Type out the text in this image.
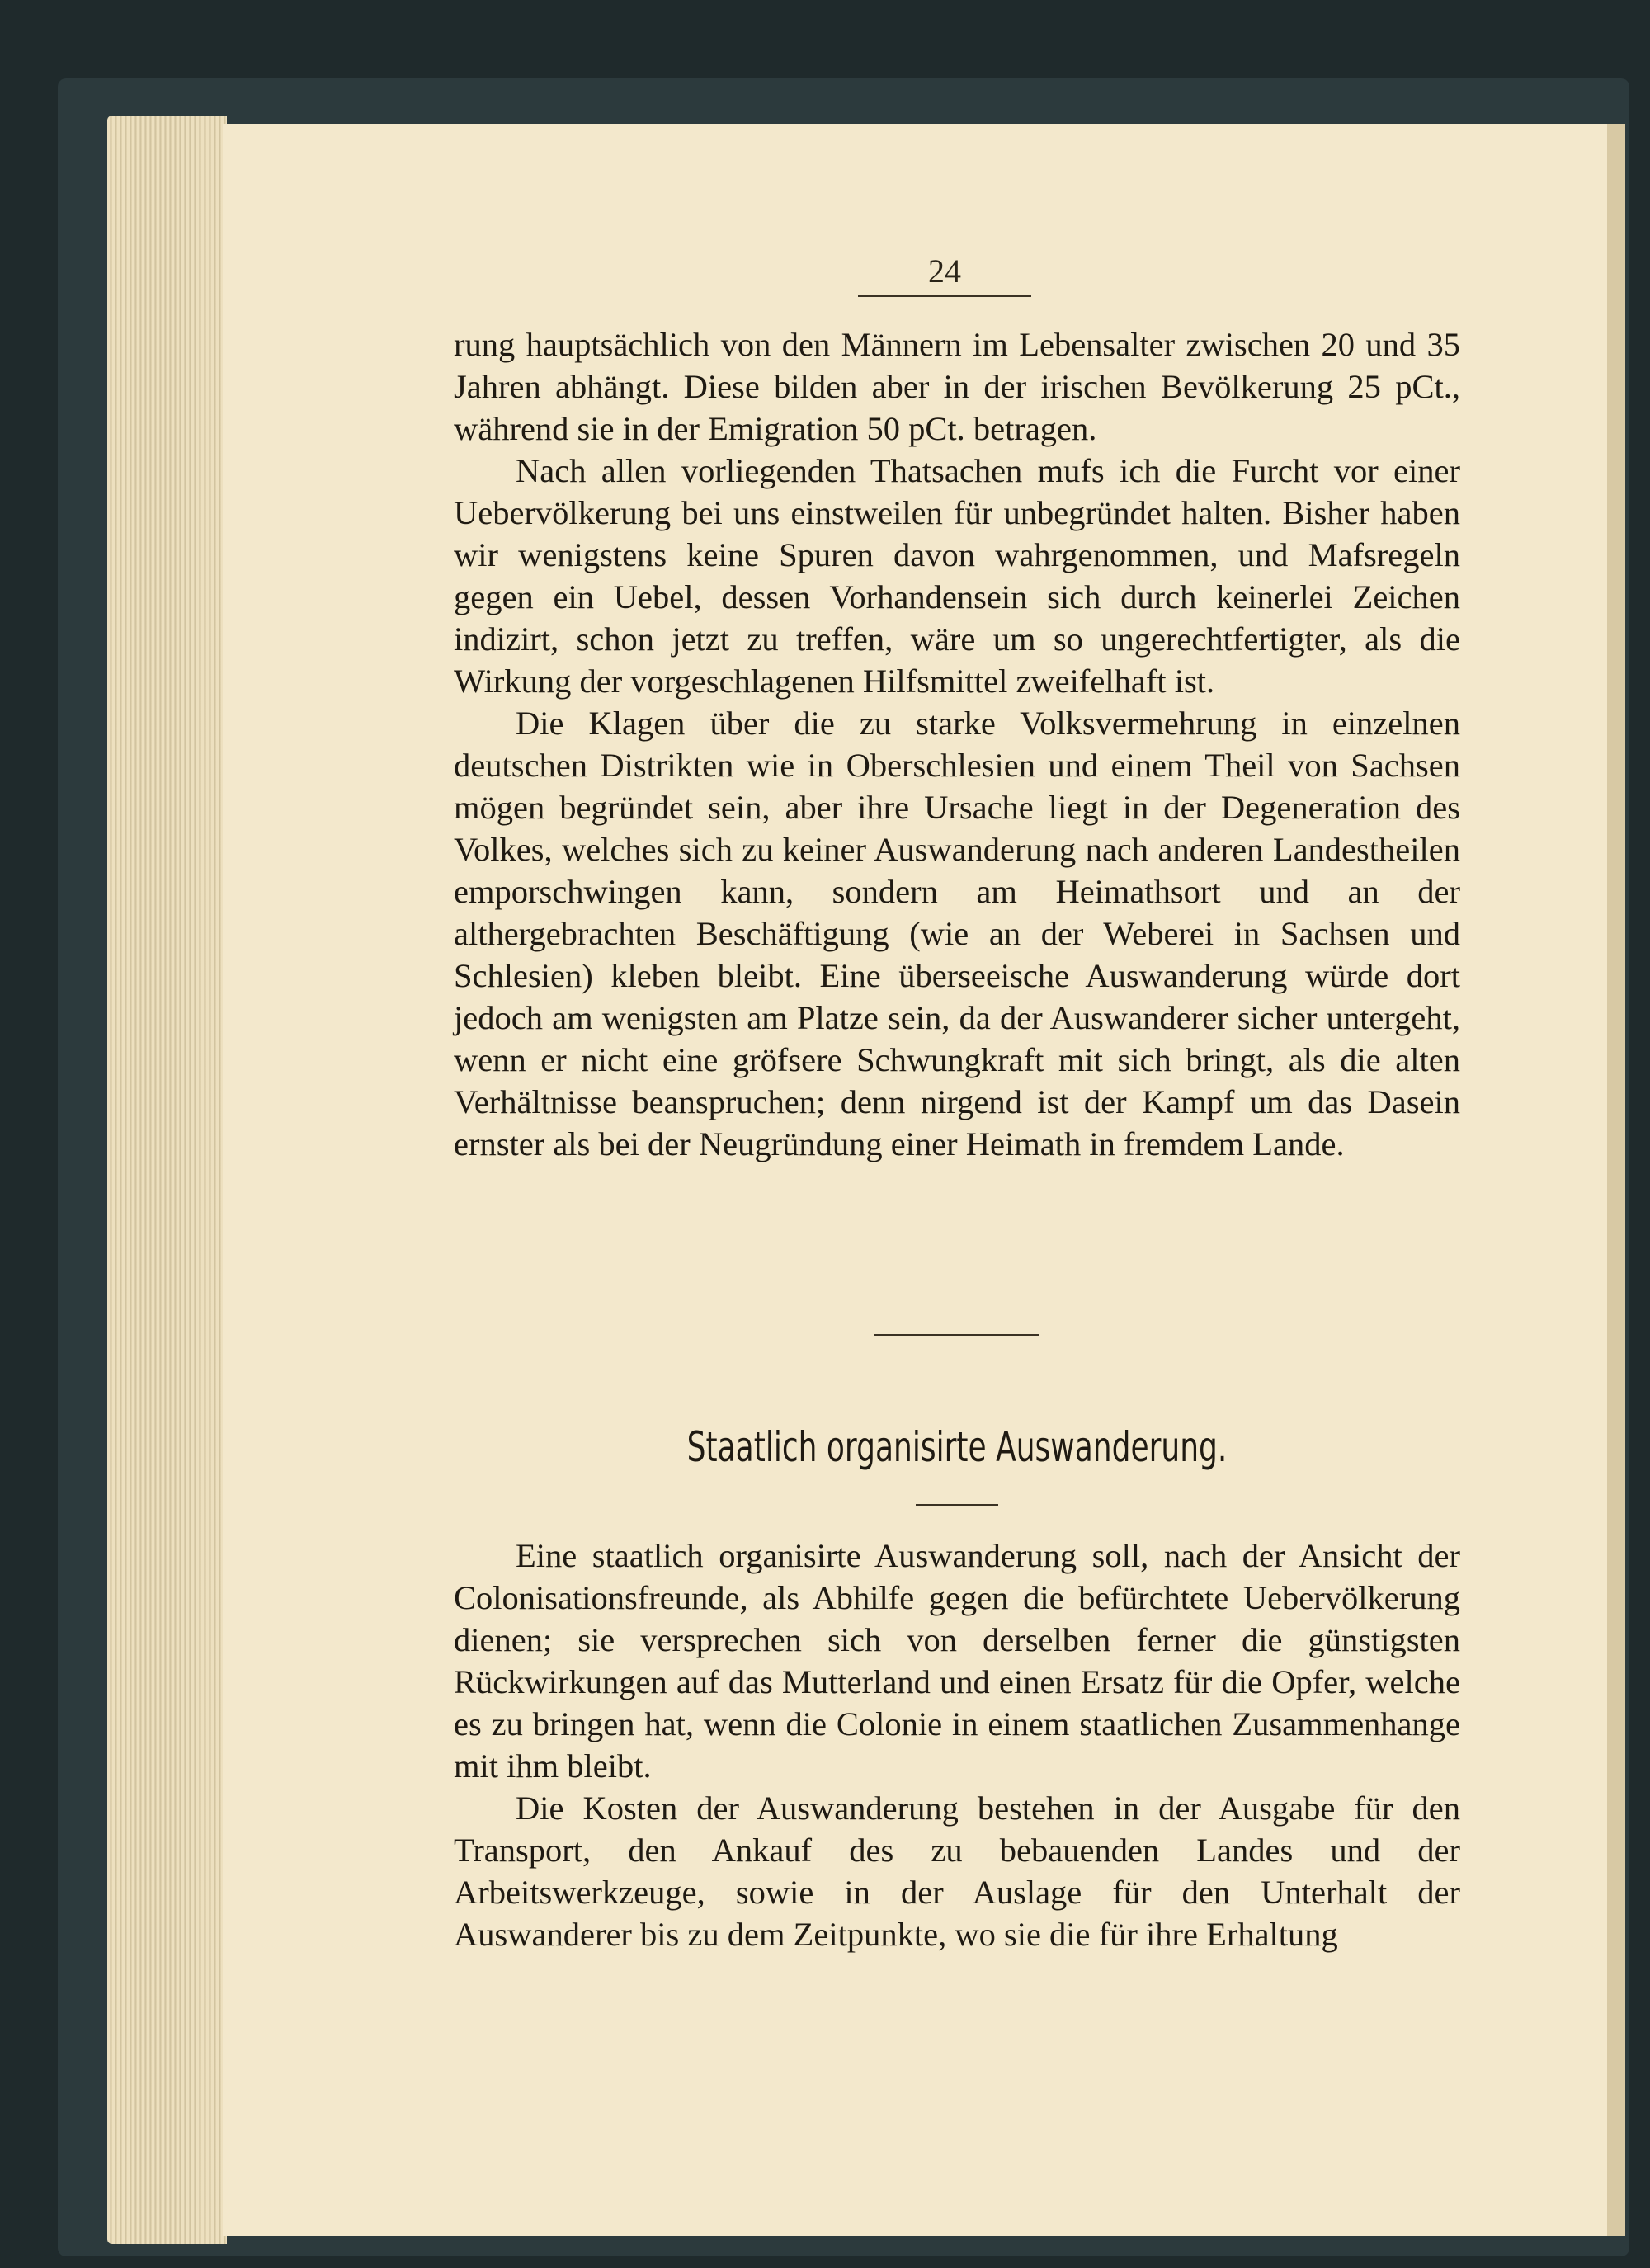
24

rung hauptsächlich von den Männern im Lebensalter zwischen 20 und 35 Jahren abhängt. Diese bilden aber in der irischen Bevölkerung 25 pCt., während sie in der Emigration 50 pCt. betragen.

Nach allen vorliegenden Thatsachen mufs ich die Furcht vor einer Uebervölkerung bei uns einstweilen für unbegründet halten. Bisher haben wir wenigstens keine Spuren davon wahrgenommen, und Mafsregeln gegen ein Uebel, dessen Vorhandensein sich durch keinerlei Zeichen indizirt, schon jetzt zu treffen, wäre um so ungerechtfertigter, als die Wirkung der vorgeschlagenen Hilfsmittel zweifelhaft ist.

Die Klagen über die zu starke Volksvermehrung in einzelnen deutschen Distrikten wie in Oberschlesien und einem Theil von Sachsen mögen begründet sein, aber ihre Ursache liegt in der Degeneration des Volkes, welches sich zu keiner Auswanderung nach anderen Landestheilen emporschwingen kann, sondern am Heimathsort und an der althergebrachten Beschäftigung (wie an der Weberei in Sachsen und Schlesien) kleben bleibt. Eine überseeische Auswanderung würde dort jedoch am wenigsten am Platze sein, da der Auswanderer sicher untergeht, wenn er nicht eine gröfsere Schwungkraft mit sich bringt, als die alten Verhältnisse beanspruchen; denn nirgend ist der Kampf um das Dasein ernster als bei der Neugründung einer Heimath in fremdem Lande.

Staatlich organisirte Auswanderung.

Eine staatlich organisirte Auswanderung soll, nach der Ansicht der Colonisationsfreunde, als Abhilfe gegen die befürchtete Uebervölkerung dienen; sie versprechen sich von derselben ferner die günstigsten Rückwirkungen auf das Mutterland und einen Ersatz für die Opfer, welche es zu bringen hat, wenn die Colonie in einem staatlichen Zusammenhange mit ihm bleibt.

Die Kosten der Auswanderung bestehen in der Ausgabe für den Transport, den Ankauf des zu bebauenden Landes und der Arbeitswerkzeuge, sowie in der Auslage für den Unterhalt der Auswanderer bis zu dem Zeitpunkte, wo sie die für ihre Erhaltung
